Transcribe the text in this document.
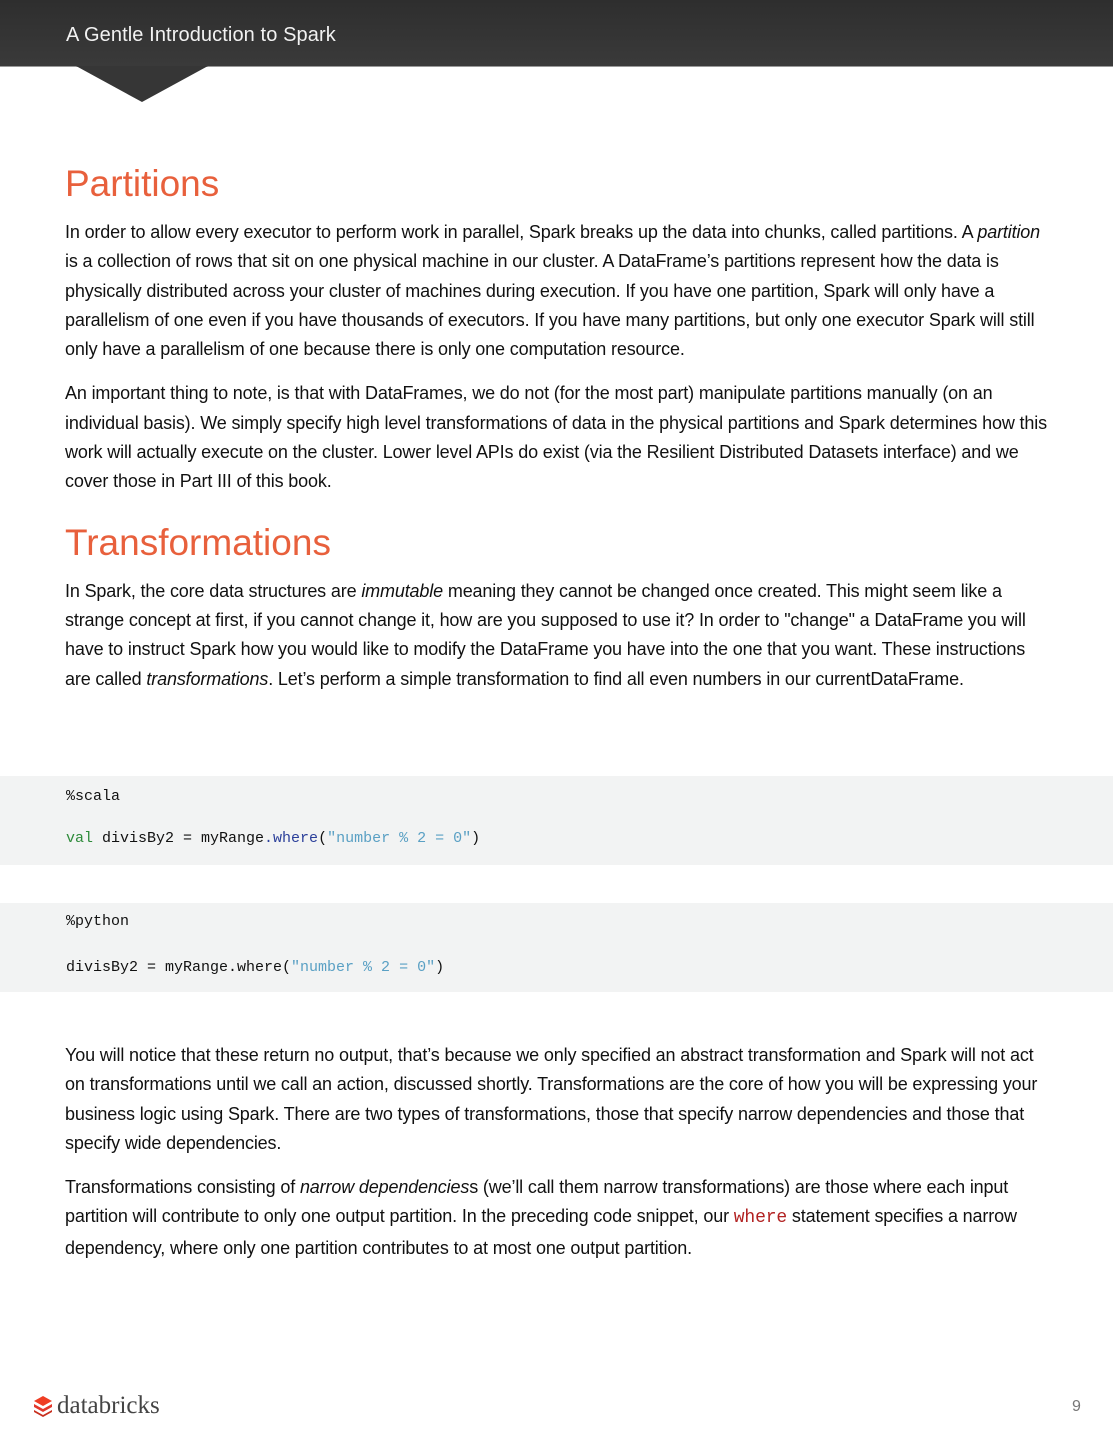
A Gentle Introduction to Spark
Partitions

In order to allow every executor to perform work in parallel, Spark breaks up the data into chunks, called partitions. A partition is a collection of rows that sit on one physical machine in our cluster. A DataFrame’s partitions represent how the data is physically distributed across your cluster of machines during execution. If you have one partition, Spark will only have a parallelism of one even if you have thousands of executors. If you have many partitions, but only one executor Spark will still only have a parallelism of one because there is only one computation resource.

An important thing to note, is that with DataFrames, we do not (for the most part) manipulate partitions manually (on an individual basis). We simply specify high level transformations of data in the physical partitions and Spark determines how this work will actually execute on the cluster. Lower level APIs do exist (via the Resilient Distributed Datasets interface) and we cover those in Part III of this book.

Transformations

In Spark, the core data structures are immutable meaning they cannot be changed once created. This might seem like a strange concept at first, if you cannot change it, how are you supposed to use it? In order to "change" a DataFrame you will have to instruct Spark how you would like to modify the DataFrame you have into the one that you want. These instructions are called transformations. Let’s perform a simple transformation to find all even numbers in our currentDataFrame.

%scala
val divisBy2 = myRange.where("number % 2 = 0")
%python
divisBy2 = myRange.where("number % 2 = 0")

You will notice that these return no output, that’s because we only specified an abstract transformation and Spark will not act on transformations until we call an action, discussed shortly. Transformations are the core of how you will be expressing your business logic using Spark. There are two types of transformations, those that specify narrow dependencies and those that specify wide dependencies.

Transformations consisting of narrow dependenciess (we’ll call them narrow transformations) are those where each input partition will contribute to only one output partition. In the preceding code snippet, our where statement specifies a narrow dependency, where only one partition contributes to at most one output partition.

databricks	9
